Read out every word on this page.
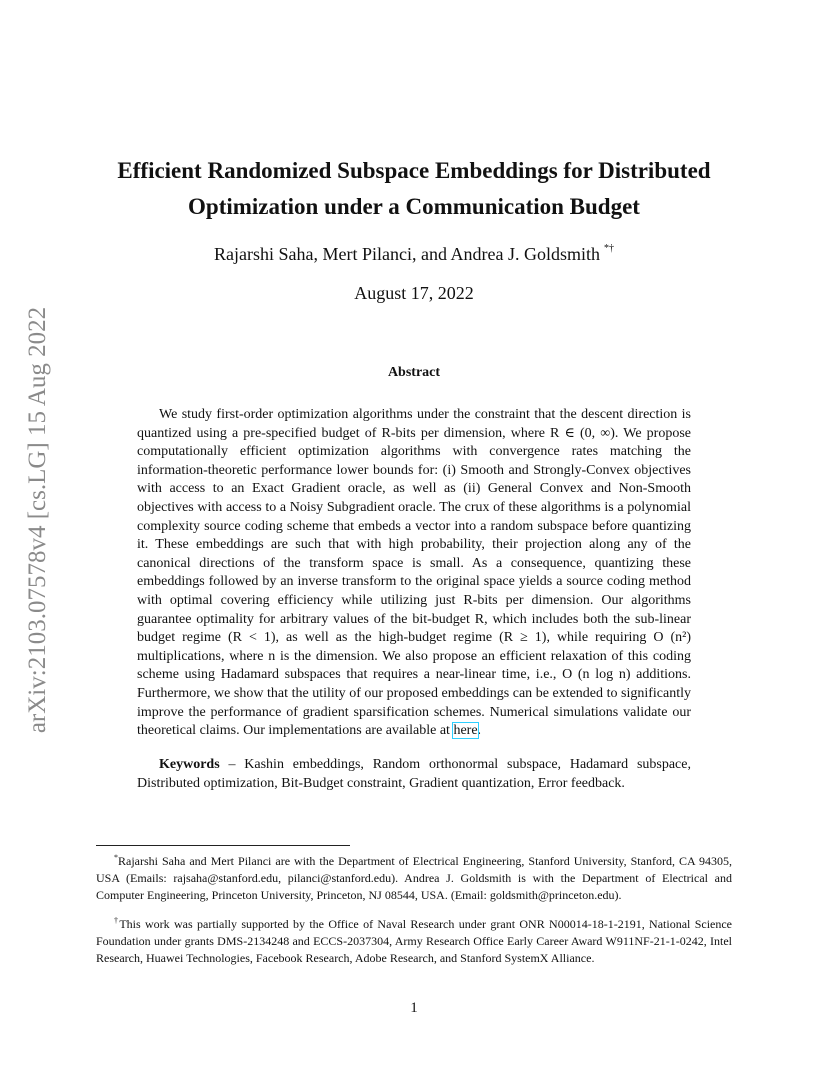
arXiv:2103.07578v4 [cs.LG] 15 Aug 2022
Efficient Randomized Subspace Embeddings for Distributed
Optimization under a Communication Budget
Rajarshi Saha, Mert Pilanci, and Andrea J. Goldsmith *†
August 17, 2022
Abstract

We study first-order optimization algorithms under the constraint that the descent direction is quantized using a pre-specified budget of R-bits per dimension, where R ∈ (0, ∞). We propose computationally efficient optimization algorithms with convergence rates matching the information-theoretic performance lower bounds for: (i) Smooth and Strongly-Convex objectives with access to an Exact Gradient oracle, as well as (ii) General Convex and Non-Smooth objectives with access to a Noisy Subgradient oracle. The crux of these algorithms is a polynomial complexity source coding scheme that embeds a vector into a random subspace before quantizing it. These embeddings are such that with high probability, their projection along any of the canonical directions of the transform space is small. As a consequence, quantizing these embeddings followed by an inverse transform to the original space yields a source coding method with optimal covering efficiency while utilizing just R-bits per dimension. Our algorithms guarantee optimality for arbitrary values of the bit-budget R, which includes both the sub-linear budget regime (R < 1), as well as the high-budget regime (R ≥ 1), while requiring O (n²) multiplications, where n is the dimension. We also propose an efficient relaxation of this coding scheme using Hadamard subspaces that requires a near-linear time, i.e., O (n log n) additions. Furthermore, we show that the utility of our proposed embeddings can be extended to significantly improve the performance of gradient sparsification schemes. Numerical simulations validate our theoretical claims. Our implementations are available at here.

Keywords – Kashin embeddings, Random orthonormal subspace, Hadamard subspace, Distributed optimization, Bit-Budget constraint, Gradient quantization, Error feedback.

*Rajarshi Saha and Mert Pilanci are with the Department of Electrical Engineering, Stanford University, Stanford, CA 94305, USA (Emails: rajsaha@stanford.edu, pilanci@stanford.edu). Andrea J. Goldsmith is with the Department of Electrical and Computer Engineering, Princeton University, Princeton, NJ 08544, USA. (Email: goldsmith@princeton.edu).

†This work was partially supported by the Office of Naval Research under grant ONR N00014-18-1-2191, National Science Foundation under grants DMS-2134248 and ECCS-2037304, Army Research Office Early Career Award W911NF-21-1-0242, Intel Research, Huawei Technologies, Facebook Research, Adobe Research, and Stanford SystemX Alliance.

1
